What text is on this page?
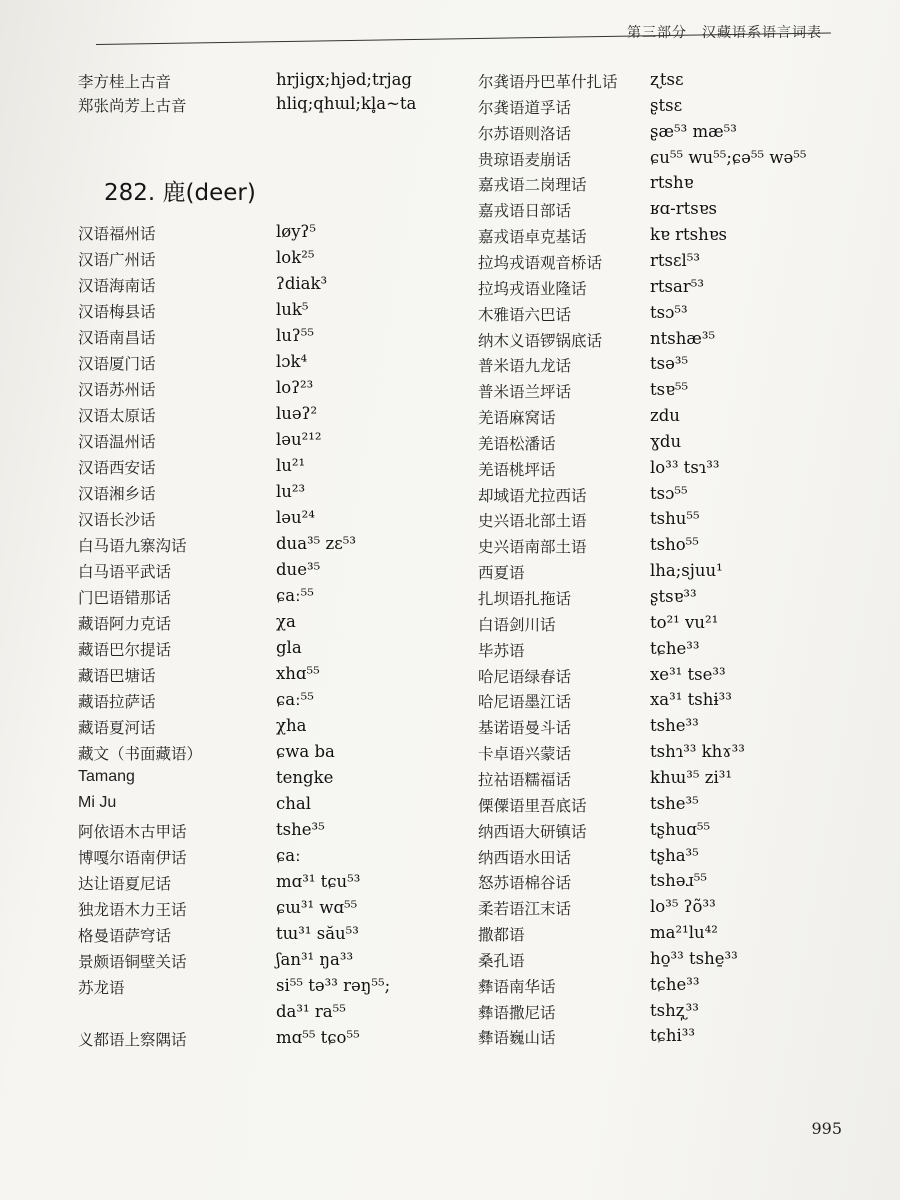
第三部分　汉藏语系语言词表
李方桂上古音	hrjigx;hjəd;trjag
郑张尚芳上古音	hliq;qhɯl;kl̥a~ta
282. 鹿(deer)
汉语福州话	løyʔ⁵
汉语广州话	lok²⁵
汉语海南话	ʔdiak³
汉语梅县话	luk⁵
汉语南昌话	luʔ⁵⁵
汉语厦门话	lɔk⁴
汉语苏州话	loʔ²³
汉语太原话	luəʔ²
汉语温州话	ləu²¹²
汉语西安话	lu²¹
汉语湘乡话	lu²³
汉语长沙话	ləu²⁴
白马语九寨沟话	dua³⁵ zɛ⁵³
白马语平武话	due³⁵
门巴语错那话	ɕaː⁵⁵
藏语阿力克话	χa
藏语巴尔提话	gla
藏语巴塘话	xhɑ⁵⁵
藏语拉萨话	ɕaː⁵⁵
藏语夏河话	χha
藏文（书面藏语）	ɕwa ba
Tamang	tengke
Mi Ju	chal
阿依语木古甲话	tshe³⁵
博嘎尔语南伊话	ɕaː
达让语夏尼话	mɑ³¹ tɕu⁵³
独龙语木力王话	ɕɯ³¹ wɑ⁵⁵
格曼语萨穹话	tɯ³¹ său⁵³
景颇语铜壁关话	ʃan³¹ ŋa³³
苏龙语	si⁵⁵ tə³³ rəŋ⁵⁵;
da³¹ ra⁵⁵
义都语上察隅话	mɑ⁵⁵ tɕo⁵⁵
尔龚语丹巴革什扎话 ʐtsɛ
尔龚语道孚话	ʂtsɛ
尔苏语则洛话	ʂæ⁵³ mæ⁵³
贵琼语麦崩话	ɕu⁵⁵ wu⁵⁵;ɕə⁵⁵ wə⁵⁵
嘉戎语二岗理话	rtshɐ
嘉戎语日部话	ʁɑ-rtsɐs
嘉戎语卓克基话	kɐ rtshɐs
拉坞戎语观音桥话	rtsɛl⁵³
拉坞戎语业隆话	rtsar⁵³
木雅语六巴话	tsɔ⁵³
纳木义语锣锅底话	ntshæ³⁵
普米语九龙话	tsə³⁵
普米语兰坪话	tsɐ⁵⁵
羌语麻窝话	zdu
羌语松潘话	ɣdu
羌语桃坪话	lo³³ tsɿ³³
却域语尤拉西话	tsɔ⁵⁵
史兴语北部土语	tshu⁵⁵
史兴语南部土语	tsho⁵⁵
西夏语	lha;sjuu¹
扎坝语扎拖话	ʂtsɐ³³
白语剑川话	to²¹ vu²¹
毕苏语	tɕhe³³
哈尼语绿春话	xe³¹ tse³³
哈尼语墨江话	xa³¹ tshɨ³³
基诺语曼斗话	tshe³³
卡卓语兴蒙话	tshɿ³³ khɤ³³
拉祜语糯福话	khɯ³⁵ zi³¹
傈僳语里吾底话	tshe³⁵
纳西语大研镇话	tʂhuɑ⁵⁵
纳西语水田话	tʂha³⁵
怒苏语棉谷话	tshəɹ⁵⁵
柔若语江末话	lo³⁵ ʔõ³³
撒都语	ma²¹lu⁴²
桑孔语	ho̱³³ tshe̱³³
彝语南华话	tɕhe³³
彝语撒尼话	tshʐ̩³³
彝语巍山话	tɕhi³³
995
